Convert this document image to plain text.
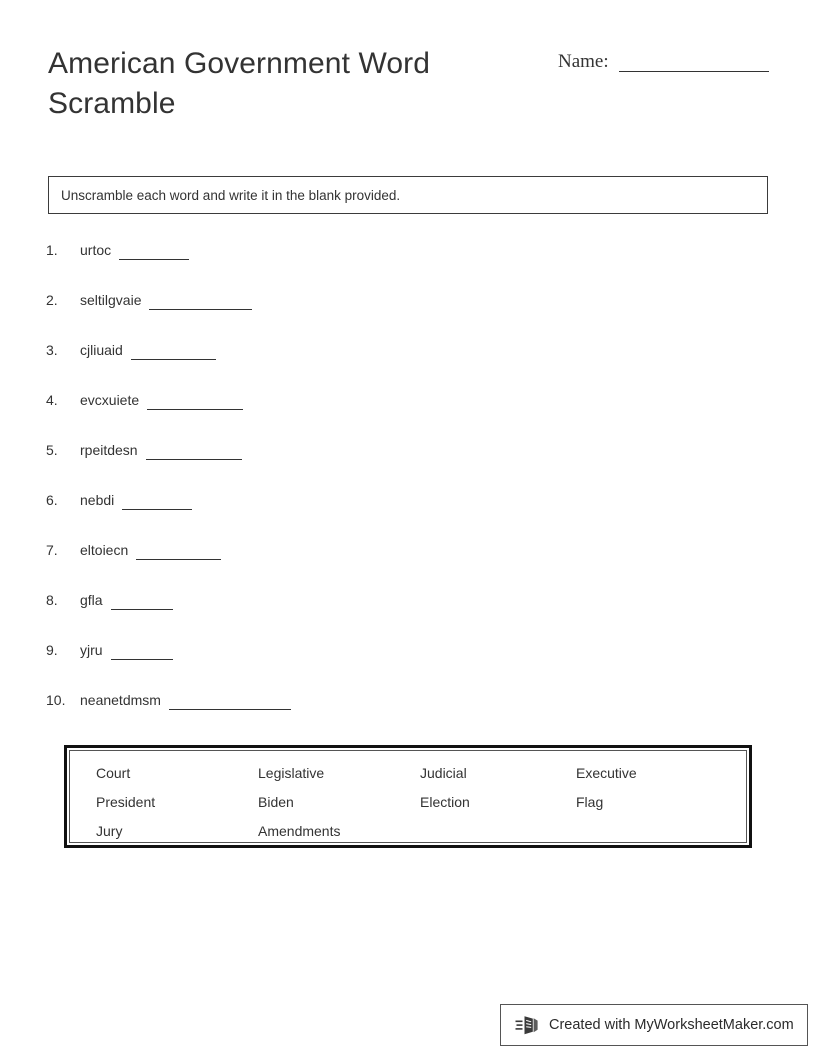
American Government Word Scramble
Name:
Unscramble each word and write it in the blank provided.
1.	urtoc
2.	seltilgvaie
3.	cjliuaid
4.	evcxuiete
5.	rpeitdesn
6.	nebdi
7.	eltoiecn
8.	gfla
9.	yjru
10.	neanetdmsm
Court	Legislative	Judicial	Executive
President	Biden	Election	Flag
Jury	Amendments
Created with MyWorksheetMaker.com
